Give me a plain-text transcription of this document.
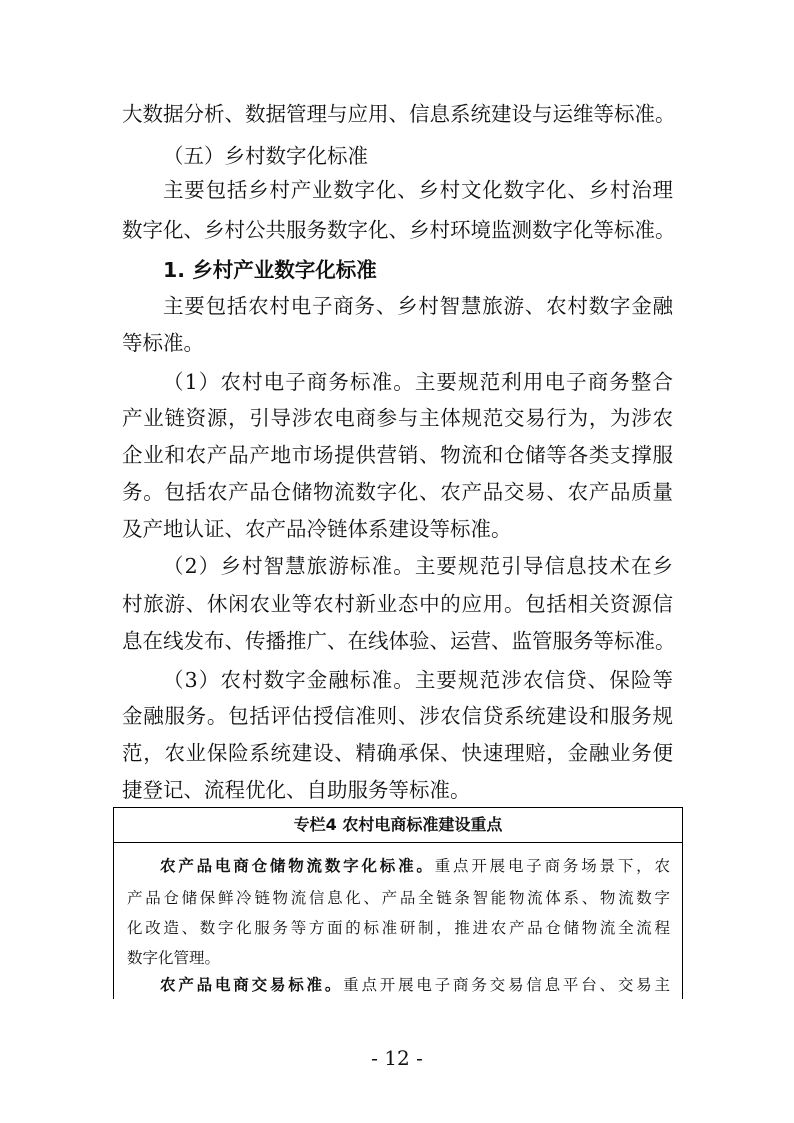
大数据分析、数据管理与应用、信息系统建设与运维等标准。
（五）乡村数字化标准
主要包括乡村产业数字化、乡村文化数字化、乡村治理
数字化、乡村公共服务数字化、乡村环境监测数字化等标准。
1. 乡村产业数字化标准
主要包括农村电子商务、乡村智慧旅游、农村数字金融
等标准。
（1）农村电子商务标准。主要规范利用电子商务整合
产业链资源，引导涉农电商参与主体规范交易行为，为涉农
企业和农产品产地市场提供营销、物流和仓储等各类支撑服
务。包括农产品仓储物流数字化、农产品交易、农产品质量
及产地认证、农产品冷链体系建设等标准。
（2）乡村智慧旅游标准。主要规范引导信息技术在乡
村旅游、休闲农业等农村新业态中的应用。包括相关资源信
息在线发布、传播推广、在线体验、运营、监管服务等标准。
（3）农村数字金融标准。主要规范涉农信贷、保险等
金融服务。包括评估授信准则、涉农信贷系统建设和服务规
范，农业保险系统建设、精确承保、快速理赔，金融业务便
捷登记、流程优化、自助服务等标准。
专栏4 农村电商标准建设重点
农产品电商仓储物流数字化标准。重点开展电子商务场景下，农
产品仓储保鲜冷链物流信息化、产品全链条智能物流体系、物流数字
化改造、数字化服务等方面的标准研制，推进农产品仓储物流全流程
数字化管理。
农产品电商交易标准。重点开展电子商务交易信息平台、交易主
- 12 -
